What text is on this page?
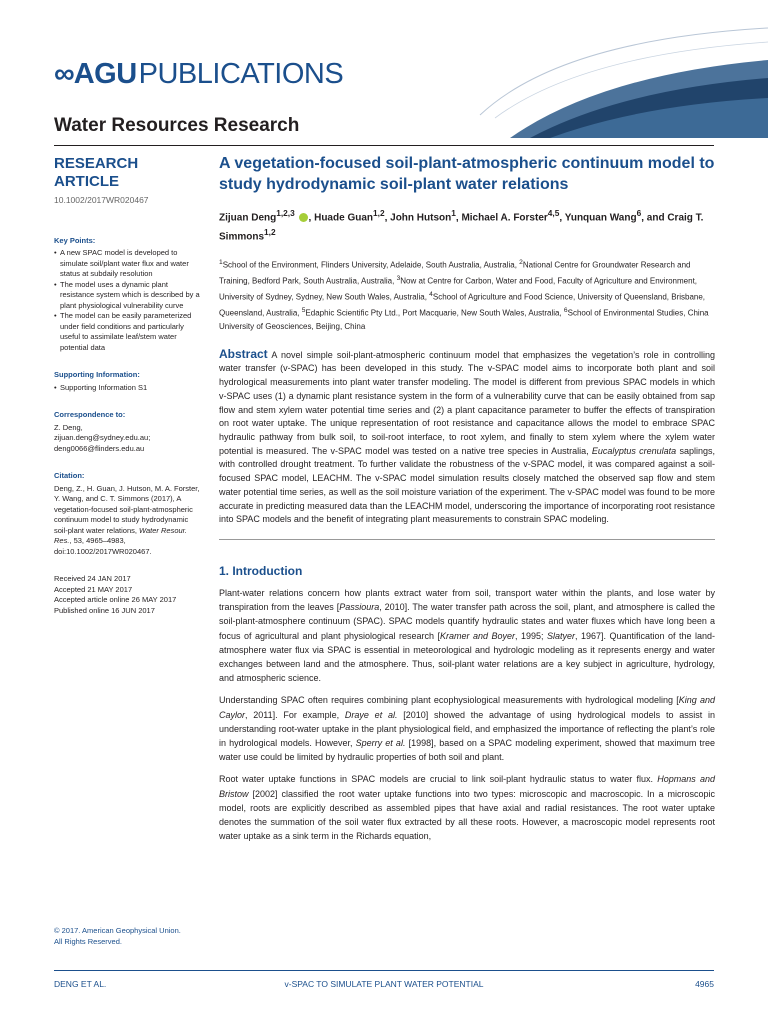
∞ AGU PUBLICATIONS
Water Resources Research
RESEARCH ARTICLE
10.1002/2017WR020467
Key Points:
• A new SPAC model is developed to simulate soil/plant water flux and water status at subdaily resolution
• The model uses a dynamic plant resistance system which is described by a plant physiological vulnerability curve
• The model can be easily parameterized under field conditions and particularly useful to assimilate leaf/stem water potential data
Supporting Information:
• Supporting Information S1
Correspondence to:
Z. Deng,
zijuan.deng@sydney.edu.au;
deng0066@flinders.edu.au
Citation:
Deng, Z., H. Guan, J. Hutson, M. A. Forster, Y. Wang, and C. T. Simmons (2017), A vegetation-focused soil-plant-atmospheric continuum model to study hydrodynamic soil-plant water relations, Water Resour. Res., 53, 4965–4983, doi:10.1002/2017WR020467.
Received 24 JAN 2017
Accepted 21 MAY 2017
Accepted article online 26 MAY 2017
Published online 16 JUN 2017
© 2017. American Geophysical Union.
All Rights Reserved.
A vegetation-focused soil-plant-atmospheric continuum model to study hydrodynamic soil-plant water relations
Zijuan Deng$^{1,2,3}$ , Huade Guan$^{1,2}$, John Hutson$^1$, Michael A. Forster$^{4,5}$, Yunquan Wang$^6$, and Craig T. Simmons$^{1,2}$
$^1$School of the Environment, Flinders University, Adelaide, South Australia, Australia, $^2$National Centre for Groundwater Research and Training, Bedford Park, South Australia, Australia, $^3$Now at Centre for Carbon, Water and Food, Faculty of Agriculture and Environment, University of Sydney, Sydney, New South Wales, Australia, $^4$School of Agriculture and Food Science, University of Queensland, Brisbane, Queensland, Australia, $^5$Edaphic Scientific Pty Ltd., Port Macquarie, New South Wales, Australia, $^6$School of Environmental Studies, China University of Geosciences, Beijing, China
Abstract A novel simple soil-plant-atmospheric continuum model that emphasizes the vegetation’s role in controlling water transfer (v-SPAC) has been developed in this study. The v-SPAC model aims to incorporate both plant and soil hydrological measurements into plant water transfer modeling. The model is different from previous SPAC models in which v-SPAC uses (1) a dynamic plant resistance system in the form of a vulnerability curve that can be easily obtained from sap flow and stem xylem water potential time series and (2) a plant capacitance parameter to buffer the effects of transpiration on root water uptake. The unique representation of root resistance and capacitance allows the model to embrace SPAC hydraulic pathway from bulk soil, to soil-root interface, to root xylem, and finally to stem xylem where the xylem water potential is measured. The v-SPAC model was tested on a native tree species in Australia, Eucalyptus crenulata saplings, with controlled drought treatment. To further validate the robustness of the v-SPAC model, it was compared against a soil-focused SPAC model, LEACHM. The v-SPAC model simulation results closely matched the observed sap flow and stem water potential time series, as well as the soil moisture variation of the experiment. The v-SPAC model was found to be more accurate in predicting measured data than the LEACHM model, underscoring the importance of incorporating root resistance into SPAC models and the benefit of integrating plant measurements to constrain SPAC modeling.
1. Introduction
Plant-water relations concern how plants extract water from soil, transport water within the plants, and lose water by transpiration from the leaves [Passioura, 2010]. The water transfer path across the soil, plant, and atmosphere is called the soil-plant-atmosphere continuum (SPAC). SPAC models quantify hydraulic states and water fluxes which have long been a focus of agricultural and plant physiological research [Kramer and Boyer, 1995; Slatyer, 1967]. Quantification of the land-atmosphere water flux via SPAC is essential in meteorological and hydrologic modeling as it represents energy and water exchanges between land and the atmosphere. Thus, soil-plant water relations are a key subject in agriculture, hydrology, and atmospheric science.
Understanding SPAC often requires combining plant ecophysiological measurements with hydrological modeling [King and Caylor, 2011]. For example, Draye et al. [2010] showed the advantage of using hydrological models to assist in understanding root-water uptake in the plant physiological field, and emphasized the importance of reflecting the plant’s role in hydrological models. However, Sperry et al. [1998], based on a SPAC modeling experiment, showed that maximum tree water use could be limited by hydraulic properties of both soil and plant.
Root water uptake functions in SPAC models are crucial to link soil-plant hydraulic status to water flux. Hopmans and Bristow [2002] classified the root water uptake functions into two types: microscopic and macroscopic. In a microscopic model, roots are explicitly described as assembled pipes that have axial and radial resistances. The root water uptake denotes the summation of the soil water flux extracted by all these roots. However, a macroscopic model represents root water uptake as a sink term in the Richards equation,
DENG ET AL.	v-SPAC TO SIMULATE PLANT WATER POTENTIAL	4965
